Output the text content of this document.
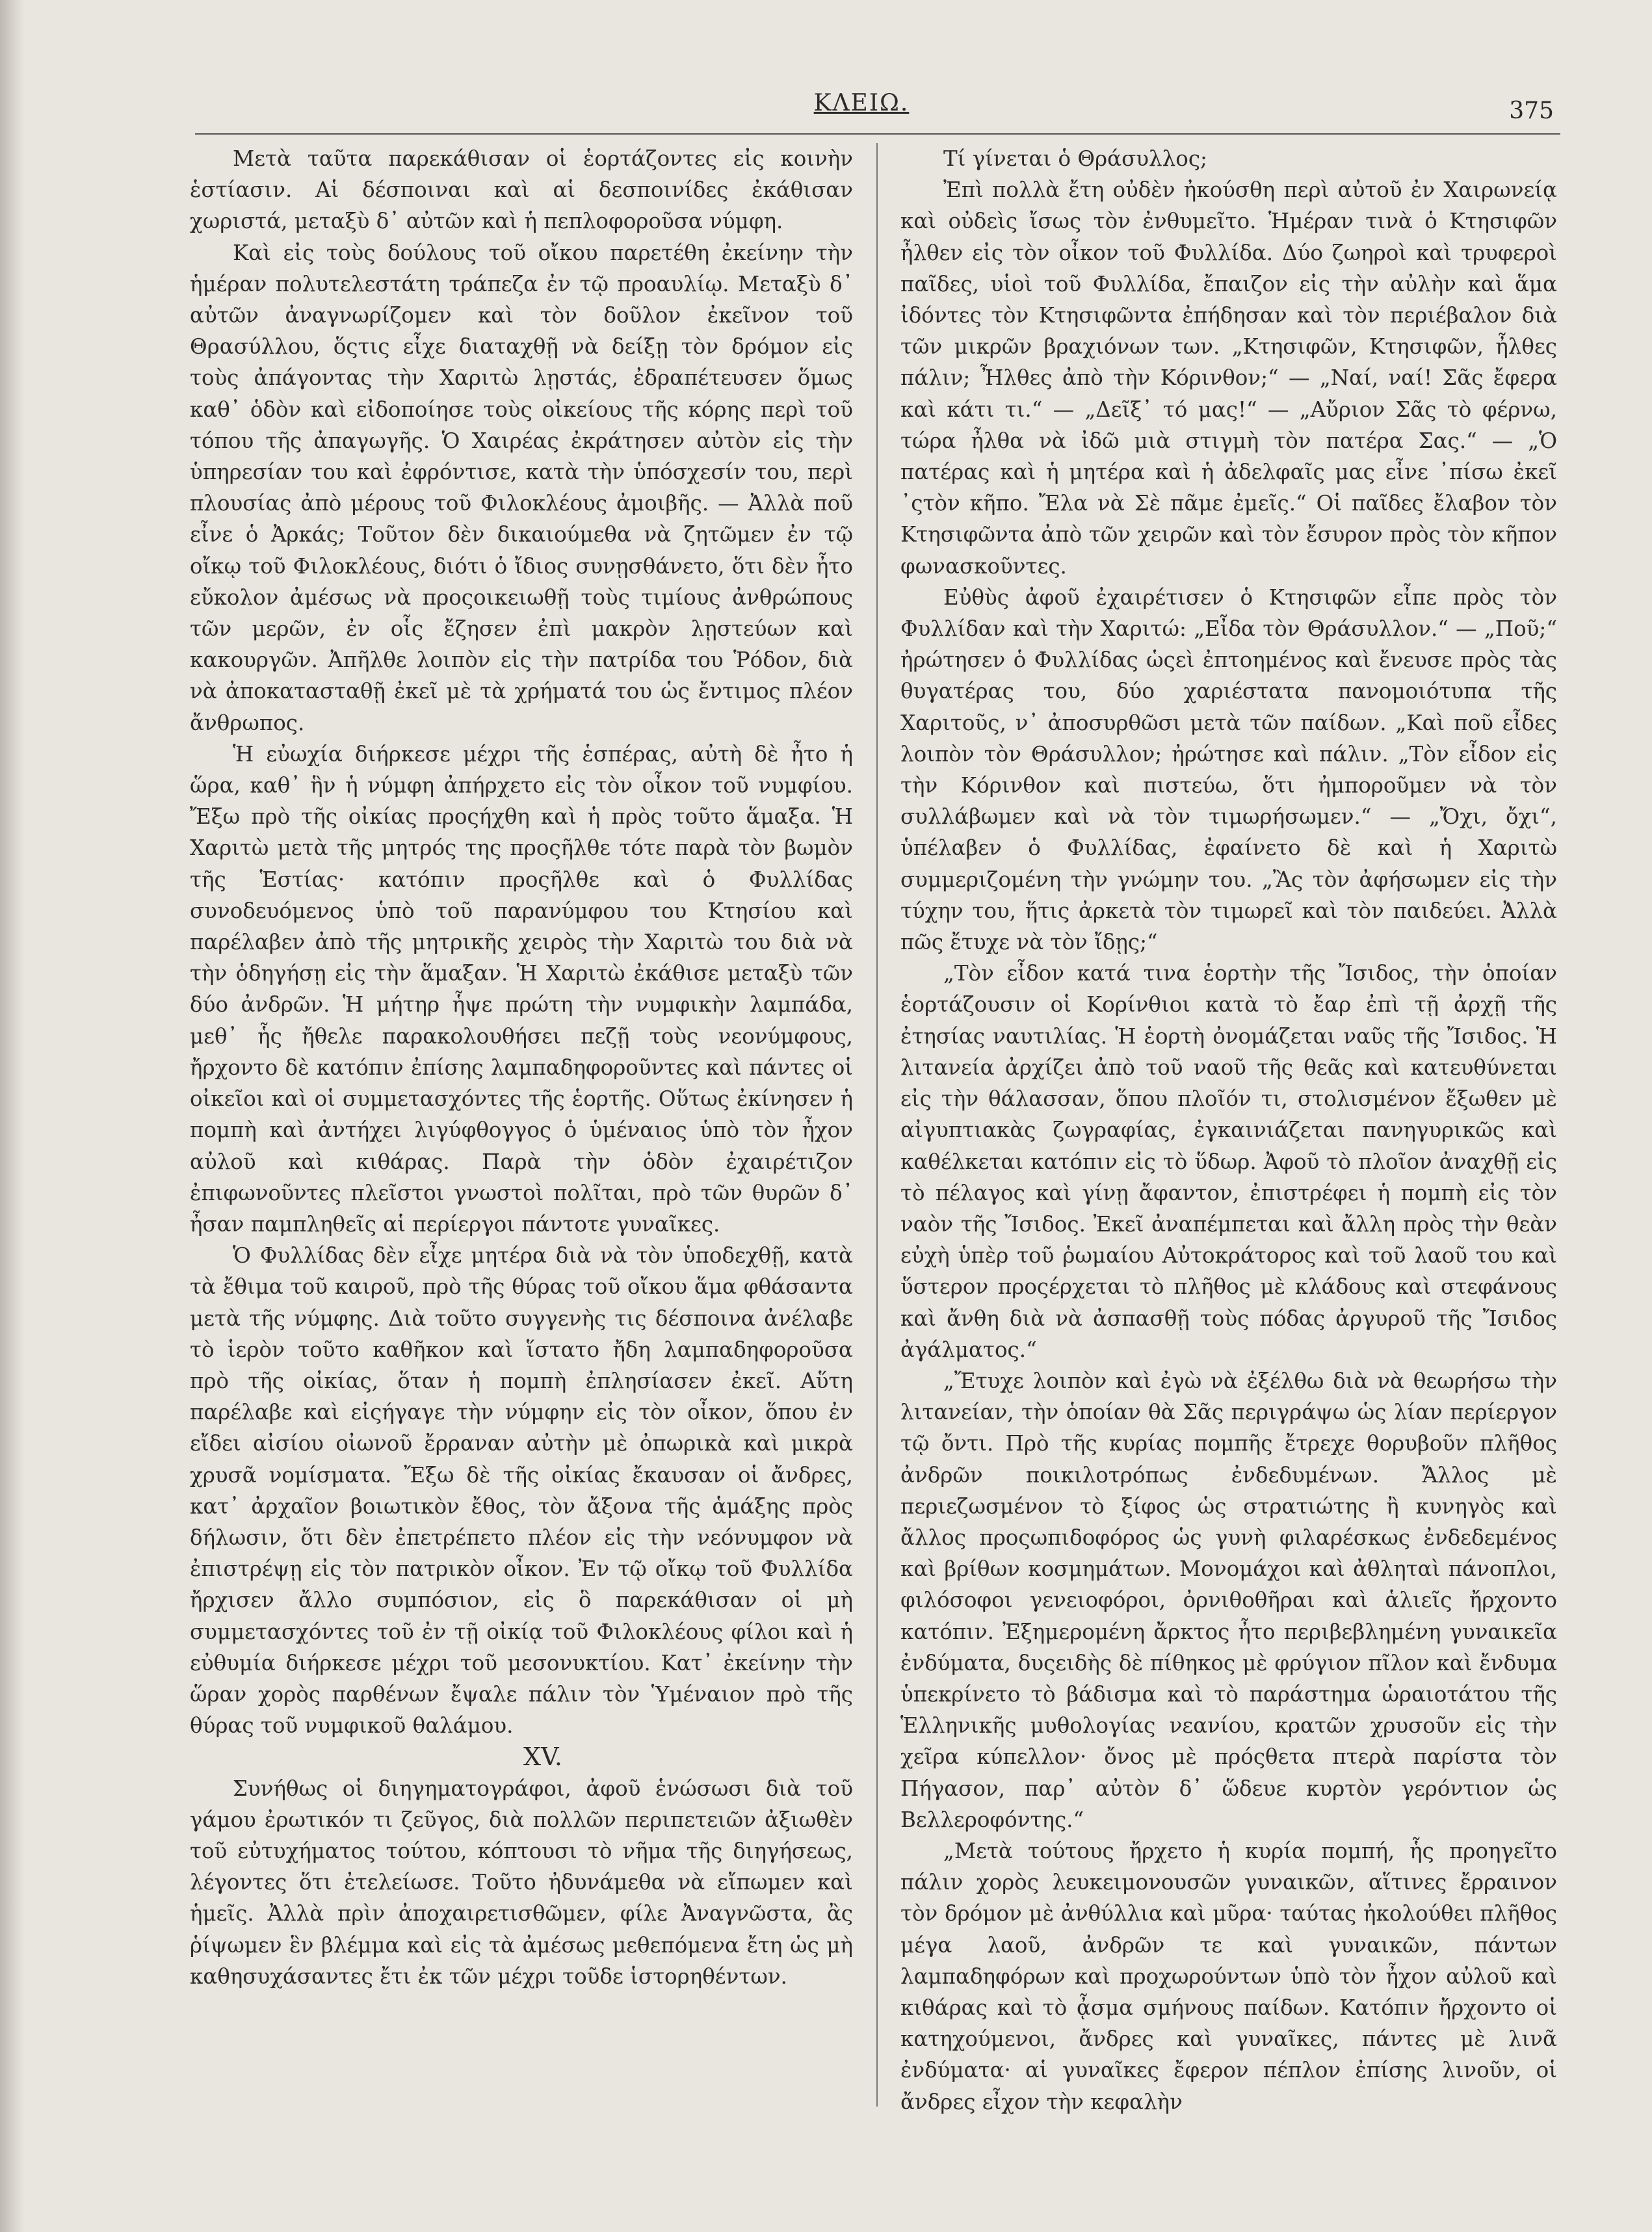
ΚΛΕΙΩ.	375

Μετὰ ταῦτα παρεκάθισαν οἱ ἑορτάζοντες εἰς κοινὴν ἑστίασιν. Αἱ δέσποιναι καὶ αἱ δεσποινίδες ἐκάθισαν χωριστά, μεταξὺ δ᾽ αὐτῶν καὶ ἡ πεπλοφοροῦσα νύμφη.

Καὶ εἰς τοὺς δούλους τοῦ οἴκου παρετέθη ἐκείνην τὴν ἡμέραν πολυτελεστάτη τράπεζα ἐν τῷ προαυλίῳ. Μεταξὺ δ᾽ αὐτῶν ἀναγνωρίζομεν καὶ τὸν δοῦλον ἐκεῖνον τοῦ Θρασύλλου, ὅςτις εἶχε διαταχθῇ νὰ δείξῃ τὸν δρόμον εἰς τοὺς ἀπάγοντας τὴν Χαριτὼ λῃστάς, ἐδραπέτευσεν ὅμως καθ᾽ ὁδὸν καὶ εἰδοποίησε τοὺς οἰκείους τῆς κόρης περὶ τοῦ τόπου τῆς ἀπαγωγῆς. Ὁ Χαιρέας ἐκράτησεν αὐτὸν εἰς τὴν ὑπηρεσίαν του καὶ ἐφρόντισε, κατὰ τὴν ὑπόσχεσίν του, περὶ πλουσίας ἀπὸ μέρους τοῦ Φιλοκλέους ἀμοιβῆς. — Ἀλλὰ ποῦ εἶνε ὁ Ἀρκάς; Τοῦτον δὲν δικαιούμεθα νὰ ζητῶμεν ἐν τῷ οἴκῳ τοῦ Φιλοκλέους, διότι ὁ ἴδιος συνῃσθάνετο, ὅτι δὲν ἦτο εὔκολον ἀμέσως νὰ προςοικειωθῇ τοὺς τιμίους ἀνθρώπους τῶν μερῶν, ἐν οἷς ἔζησεν ἐπὶ μακρὸν λῃστεύων καὶ κακουργῶν. Ἀπῆλθε λοιπὸν εἰς τὴν πατρίδα του Ῥόδον, διὰ νὰ ἀποκατασταθῇ ἐκεῖ μὲ τὰ χρήματά του ὡς ἔντιμος πλέον ἄνθρωπος.

Ἡ εὐωχία διήρκεσε μέχρι τῆς ἑσπέρας, αὐτὴ δὲ ἦτο ἡ ὥρα, καθ᾽ ἣν ἡ νύμφη ἀπήρχετο εἰς τὸν οἶκον τοῦ νυμφίου. Ἔξω πρὸ τῆς οἰκίας προςήχθη καὶ ἡ πρὸς τοῦτο ἅμαξα. Ἡ Χαριτὼ μετὰ τῆς μητρός της προςῆλθε τότε παρὰ τὸν βωμὸν τῆς Ἑστίας· κατόπιν προςῆλθε καὶ ὁ Φυλλίδας συνοδευόμενος ὑπὸ τοῦ παρανύμφου του Κτησίου καὶ παρέλαβεν ἀπὸ τῆς μητρικῆς χειρὸς τὴν Χαριτὼ του διὰ νὰ τὴν ὁδηγήσῃ εἰς τὴν ἅμαξαν. Ἡ Χαριτὼ ἐκάθισε μεταξὺ τῶν δύο ἀνδρῶν. Ἡ μήτηρ ἧψε πρώτη τὴν νυμφικὴν λαμπάδα, μεθ᾽ ἧς ἤθελε παρακολουθήσει πεζῇ τοὺς νεονύμφους, ἤρχοντο δὲ κατόπιν ἐπίσης λαμπαδηφοροῦντες καὶ πάντες οἱ οἰκεῖοι καὶ οἱ συμμετασχόντες τῆς ἑορτῆς. Οὕτως ἐκίνησεν ἡ πομπὴ καὶ ἀντήχει λιγύφθογγος ὁ ὑμέναιος ὑπὸ τὸν ἦχον αὐλοῦ καὶ κιθάρας. Παρὰ τὴν ὁδὸν ἐχαιρέτιζον ἐπιφωνοῦντες πλεῖστοι γνωστοὶ πολῖται, πρὸ τῶν θυρῶν δ᾽ ἦσαν παμπληθεῖς αἱ περίεργοι πάντοτε γυναῖκες.

Ὁ Φυλλίδας δὲν εἶχε μητέρα διὰ νὰ τὸν ὑποδεχθῇ, κατὰ τὰ ἔθιμα τοῦ καιροῦ, πρὸ τῆς θύρας τοῦ οἴκου ἅμα φθάσαντα μετὰ τῆς νύμφης. Διὰ τοῦτο συγγενὴς τις δέσποινα ἀνέλαβε τὸ ἱερὸν τοῦτο καθῆκον καὶ ἵστατο ἤδη λαμπαδηφοροῦσα πρὸ τῆς οἰκίας, ὅταν ἡ πομπὴ ἐπλησίασεν ἐκεῖ. Αὕτη παρέλαβε καὶ εἰςήγαγε τὴν νύμφην εἰς τὸν οἶκον, ὅπου ἐν εἴδει αἰσίου οἰωνοῦ ἔρραναν αὐτὴν μὲ ὀπωρικὰ καὶ μικρὰ χρυσᾶ νομίσματα. Ἔξω δὲ τῆς οἰκίας ἔκαυσαν οἱ ἄνδρες, κατ᾽ ἀρχαῖον βοιωτικὸν ἔθος, τὸν ἄξονα τῆς ἁμάξης πρὸς δήλωσιν, ὅτι δὲν ἐπετρέπετο πλέον εἰς τὴν νεόνυμφον νὰ ἐπιστρέψῃ εἰς τὸν πατρικὸν οἶκον. Ἐν τῷ οἴκῳ τοῦ Φυλλίδα ἤρχισεν ἄλλο συμπόσιον, εἰς ὃ παρεκάθισαν οἱ μὴ συμμετασχόντες τοῦ ἐν τῇ οἰκίᾳ τοῦ Φιλοκλέους φίλοι καὶ ἡ εὐθυμία διήρκεσε μέχρι τοῦ μεσονυκτίου. Κατ᾽ ἐκείνην τὴν ὥραν χορὸς παρθένων ἔψαλε πάλιν τὸν Ὑμέναιον πρὸ τῆς θύρας τοῦ νυμφικοῦ θαλάμου.

XV.

Συνήθως οἱ διηγηματογράφοι, ἀφοῦ ἑνώσωσι διὰ τοῦ γάμου ἐρωτικόν τι ζεῦγος, διὰ πολλῶν περιπετειῶν ἀξιωθὲν τοῦ εὐτυχήματος τούτου, κόπτουσι τὸ νῆμα τῆς διηγήσεως, λέγοντες ὅτι ἐτελείωσε. Τοῦτο ἠδυνάμεθα νὰ εἴπωμεν καὶ ἡμεῖς. Ἀλλὰ πρὶν ἀποχαιρετισθῶμεν, φίλε Ἀναγνῶστα, ἂς ῥίψωμεν ἓν βλέμμα καὶ εἰς τὰ ἀμέσως μεθεπόμενα ἔτη ὡς μὴ καθησυχάσαντες ἔτι ἐκ τῶν μέχρι τοῦδε ἱστορηθέντων.

Τί γίνεται ὁ Θράσυλλος;

Ἐπὶ πολλὰ ἔτη οὐδὲν ἠκούσθη περὶ αὐτοῦ ἐν Χαιρωνείᾳ καὶ οὐδεὶς ἴσως τὸν ἐνθυμεῖτο. Ἡμέραν τινὰ ὁ Κτησιφῶν ἦλθεν εἰς τὸν οἶκον τοῦ Φυλλίδα. Δύο ζωηροὶ καὶ τρυφεροὶ παῖδες, υἱοὶ τοῦ Φυλλίδα, ἔπαιζον εἰς τὴν αὐλὴν καὶ ἅμα ἰδόντες τὸν Κτησιφῶντα ἐπήδησαν καὶ τὸν περιέβαλον διὰ τῶν μικρῶν βραχιόνων των. „Κτησιφῶν, Κτησιφῶν, ἦλθες πάλιν; Ἦλθες ἀπὸ τὴν Κόρινθον;“ — „Ναί, ναί! Σᾶς ἔφερα καὶ κάτι τι.“ — „Δεῖξ᾽ τό μας!“ — „Αὔριον Σᾶς τὸ φέρνω, τώρα ἦλθα νὰ ἰδῶ μιὰ στιγμὴ τὸν πατέρα Σας.“ — „Ὁ πατέρας καὶ ἡ μητέρα καὶ ἡ ἀδελφαῖς μας εἶνε ᾽πίσω ἐκεῖ ᾽ςτὸν κῆπο. Ἔλα νὰ Σὲ πᾶμε ἐμεῖς.“ Οἱ παῖδες ἔλαβον τὸν Κτησιφῶντα ἀπὸ τῶν χειρῶν καὶ τὸν ἔσυρον πρὸς τὸν κῆπον φωνασκοῦντες.

Εὐθὺς ἀφοῦ ἐχαιρέτισεν ὁ Κτησιφῶν εἶπε πρὸς τὸν Φυλλίδαν καὶ τὴν Χαριτώ: „Εἶδα τὸν Θράσυλλον.“ — „Ποῦ;“ ἠρώτησεν ὁ Φυλλίδας ὡςεὶ ἐπτοημένος καὶ ἔνευσε πρὸς τὰς θυγατέρας του, δύο χαριέστατα πανομοιότυπα τῆς Χαριτοῦς, ν᾽ ἀποσυρθῶσι μετὰ τῶν παίδων. „Καὶ ποῦ εἶδες λοιπὸν τὸν Θράσυλλον; ἠρώτησε καὶ πάλιν. „Τὸν εἶδον εἰς τὴν Κόρινθον καὶ πιστεύω, ὅτι ἠμποροῦμεν νὰ τὸν συλλάβωμεν καὶ νὰ τὸν τιμωρήσωμεν.“ — „Ὄχι, ὄχι“, ὑπέλαβεν ὁ Φυλλίδας, ἐφαίνετο δὲ καὶ ἡ Χαριτὼ συμμεριζομένη τὴν γνώμην του. „Ἂς τὸν ἀφήσωμεν εἰς τὴν τύχην του, ἥτις ἀρκετὰ τὸν τιμωρεῖ καὶ τὸν παιδεύει. Ἀλλὰ πῶς ἔτυχε νὰ τὸν ἴδῃς;“

„Τὸν εἶδον κατά τινα ἑορτὴν τῆς Ἴσιδος, τὴν ὁποίαν ἑορτάζουσιν οἱ Κορίνθιοι κατὰ τὸ ἔαρ ἐπὶ τῇ ἀρχῇ τῆς ἐτησίας ναυτιλίας. Ἡ ἑορτὴ ὀνομάζεται ναῦς τῆς Ἴσιδος. Ἡ λιτανεία ἀρχίζει ἀπὸ τοῦ ναοῦ τῆς θεᾶς καὶ κατευθύνεται εἰς τὴν θάλασσαν, ὅπου πλοῖόν τι, στολισμένον ἔξωθεν μὲ αἰγυπτιακὰς ζωγραφίας, ἐγκαινιάζεται πανηγυρικῶς καὶ καθέλκεται κατόπιν εἰς τὸ ὕδωρ. Ἀφοῦ τὸ πλοῖον ἀναχθῇ εἰς τὸ πέλαγος καὶ γίνῃ ἄφαντον, ἐπιστρέφει ἡ πομπὴ εἰς τὸν ναὸν τῆς Ἴσιδος. Ἐκεῖ ἀναπέμπεται καὶ ἄλλη πρὸς τὴν θεὰν εὐχὴ ὑπὲρ τοῦ ῥωμαίου Αὐτοκράτορος καὶ τοῦ λαοῦ του καὶ ὕστερον προςέρχεται τὸ πλῆθος μὲ κλάδους καὶ στεφάνους καὶ ἄνθη διὰ νὰ ἀσπασθῇ τοὺς πόδας ἀργυροῦ τῆς Ἴσιδος ἀγάλματος.“

„Ἔτυχε λοιπὸν καὶ ἐγὼ νὰ ἐξέλθω διὰ νὰ θεωρήσω τὴν λιτανείαν, τὴν ὁποίαν θὰ Σᾶς περιγράψω ὡς λίαν περίεργον τῷ ὄντι. Πρὸ τῆς κυρίας πομπῆς ἔτρεχε θορυβοῦν πλῆθος ἀνδρῶν ποικιλοτρόπως ἐνδεδυμένων. Ἄλλος μὲ περιεζωσμένον τὸ ξίφος ὡς στρατιώτης ἢ κυνηγὸς καὶ ἄλλος προςωπιδοφόρος ὡς γυνὴ φιλαρέσκως ἐνδεδεμένος καὶ βρίθων κοσμημάτων. Μονομάχοι καὶ ἀθληταὶ πάνοπλοι, φιλόσοφοι γενειοφόροι, ὀρνιθοθῆραι καὶ ἁλιεῖς ἤρχοντο κατόπιν. Ἐξημερομένη ἄρκτος ἦτο περιβεβλημένη γυναικεῖα ἐνδύματα, δυςειδὴς δὲ πίθηκος μὲ φρύγιον πῖλον καὶ ἔνδυμα ὑπεκρίνετο τὸ βάδισμα καὶ τὸ παράστημα ὡραιοτάτου τῆς Ἑλληνικῆς μυθολογίας νεανίου, κρατῶν χρυσοῦν εἰς τὴν χεῖρα κύπελλον· ὄνος μὲ πρόςθετα πτερὰ παρίστα τὸν Πήγασον, παρ᾽ αὐτὸν δ᾽ ὥδευε κυρτὸν γερόντιον ὡς Βελλεροφόντης.“

„Μετὰ τούτους ἤρχετο ἡ κυρία πομπή, ἧς προηγεῖτο πάλιν χορὸς λευκειμονουσῶν γυναικῶν, αἵτινες ἔρραινον τὸν δρόμον μὲ ἀνθύλλια καὶ μῦρα· ταύτας ἠκολούθει πλῆθος μέγα λαοῦ, ἀνδρῶν τε καὶ γυναικῶν, πάντων λαμπαδηφόρων καὶ προχωρούντων ὑπὸ τὸν ἦχον αὐλοῦ καὶ κιθάρας καὶ τὸ ᾆσμα σμήνους παίδων. Κατόπιν ἤρχοντο οἱ κατηχούμενοι, ἄνδρες καὶ γυναῖκες, πάντες μὲ λινᾶ ἐνδύματα· αἱ γυναῖκες ἔφερον πέπλον ἐπίσης λινοῦν, οἱ ἄνδρες εἶχον τὴν κεφαλὴν
